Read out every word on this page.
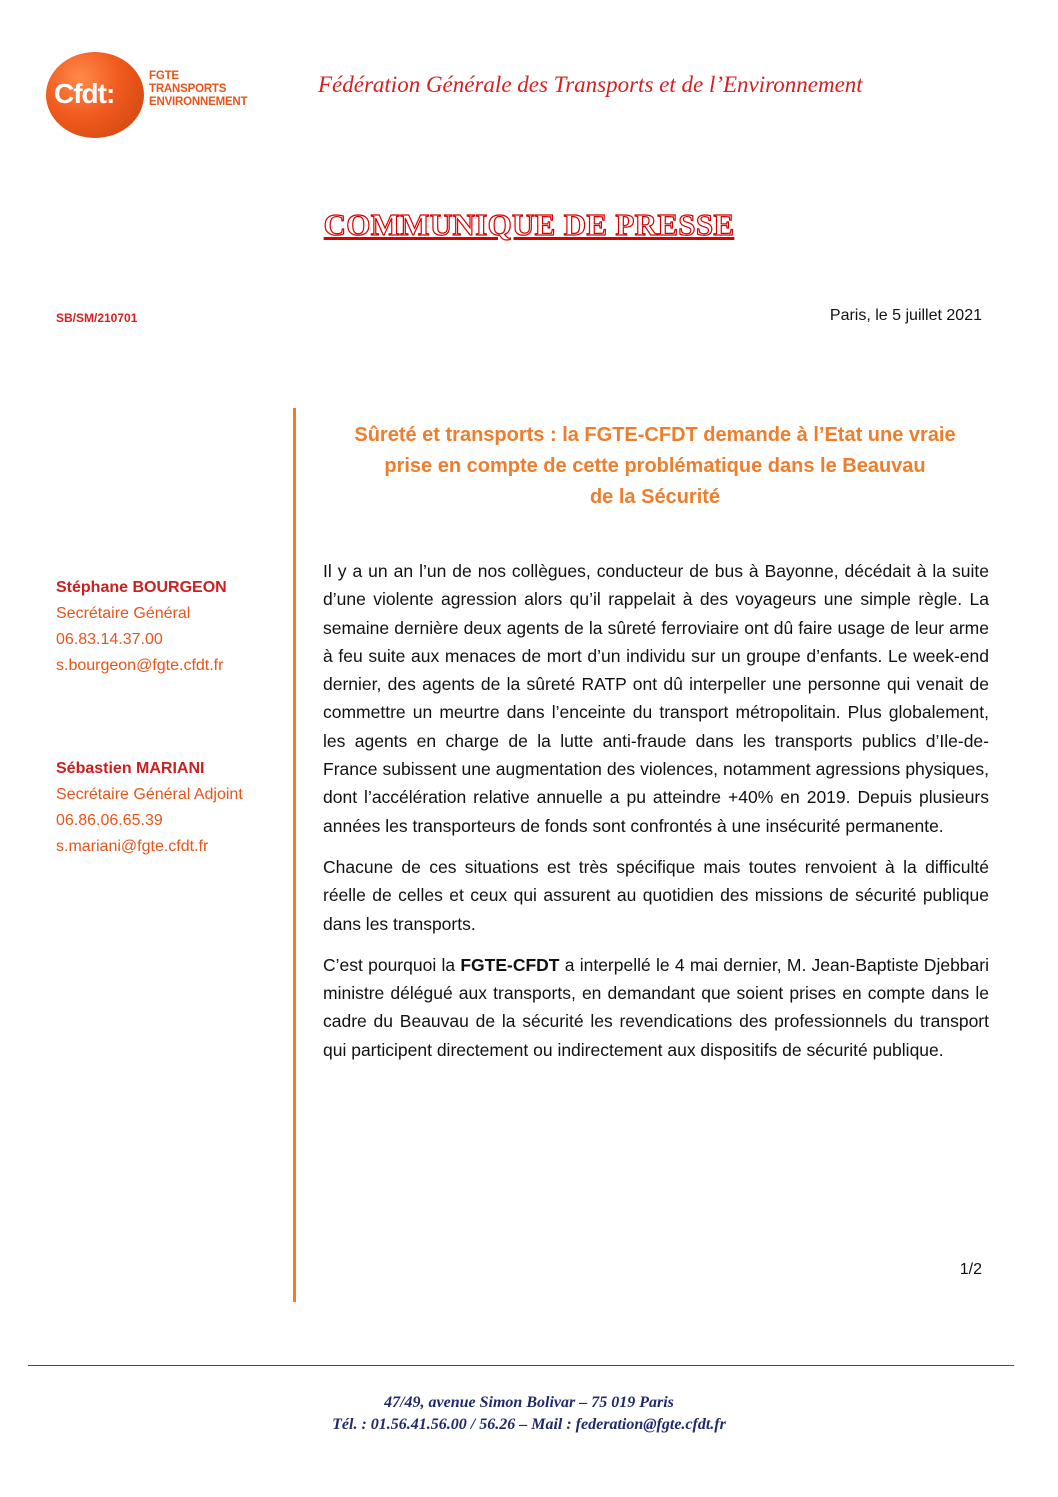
Cfdt:
FGTE
TRANSPORTS
ENVIRONNEMENT
Fédération Générale des Transports et de l’Environnement
COMMUNIQUE DE PRESSE
SB/SM/210701	Paris, le 5 juillet 2021
Stéphane BOURGEON
Secrétaire Général
06.83.14.37.00
s.bourgeon@fgte.cfdt.fr
Sébastien MARIANI
Secrétaire Général Adjoint
06.86.06.65.39
s.mariani@fgte.cfdt.fr
Sûreté et transports : la FGTE-CFDT demande à l’Etat une vraie
prise en compte de cette problématique dans le Beauvau
de la Sécurité

Il y a un an l’un de nos collègues, conducteur de bus à Bayonne, décédait à la suite d’une violente agression alors qu’il rappelait à des voyageurs une simple règle. La semaine dernière deux agents de la sûreté ferroviaire ont dû faire usage de leur arme à feu suite aux menaces de mort d’un individu sur un groupe d’enfants. Le week-end dernier, des agents de la sûreté RATP ont dû interpeller une personne qui venait de commettre un meurtre dans l’enceinte du transport métropolitain. Plus globalement, les agents en charge de la lutte anti-fraude dans les transports publics d’Ile-de-France subissent une augmentation des violences, notamment agressions physiques, dont l’accélération relative annuelle a pu atteindre +40% en 2019. Depuis plusieurs années les transporteurs de fonds sont confrontés à une insécurité permanente.

Chacune de ces situations est très spécifique mais toutes renvoient à la difficulté réelle de celles et ceux qui assurent au quotidien des missions de sécurité publique dans les transports.

C’est pourquoi la FGTE-CFDT a interpellé le 4 mai dernier, M. Jean-Baptiste Djebbari ministre délégué aux transports, en demandant que soient prises en compte dans le cadre du Beauvau de la sécurité les revendications des professionnels du transport qui participent directement ou indirectement aux dispositifs de sécurité publique.

1/2
47/49, avenue Simon Bolivar – 75 019 Paris
Tél. : 01.56.41.56.00 / 56.26 – Mail : federation@fgte.cfdt.fr
